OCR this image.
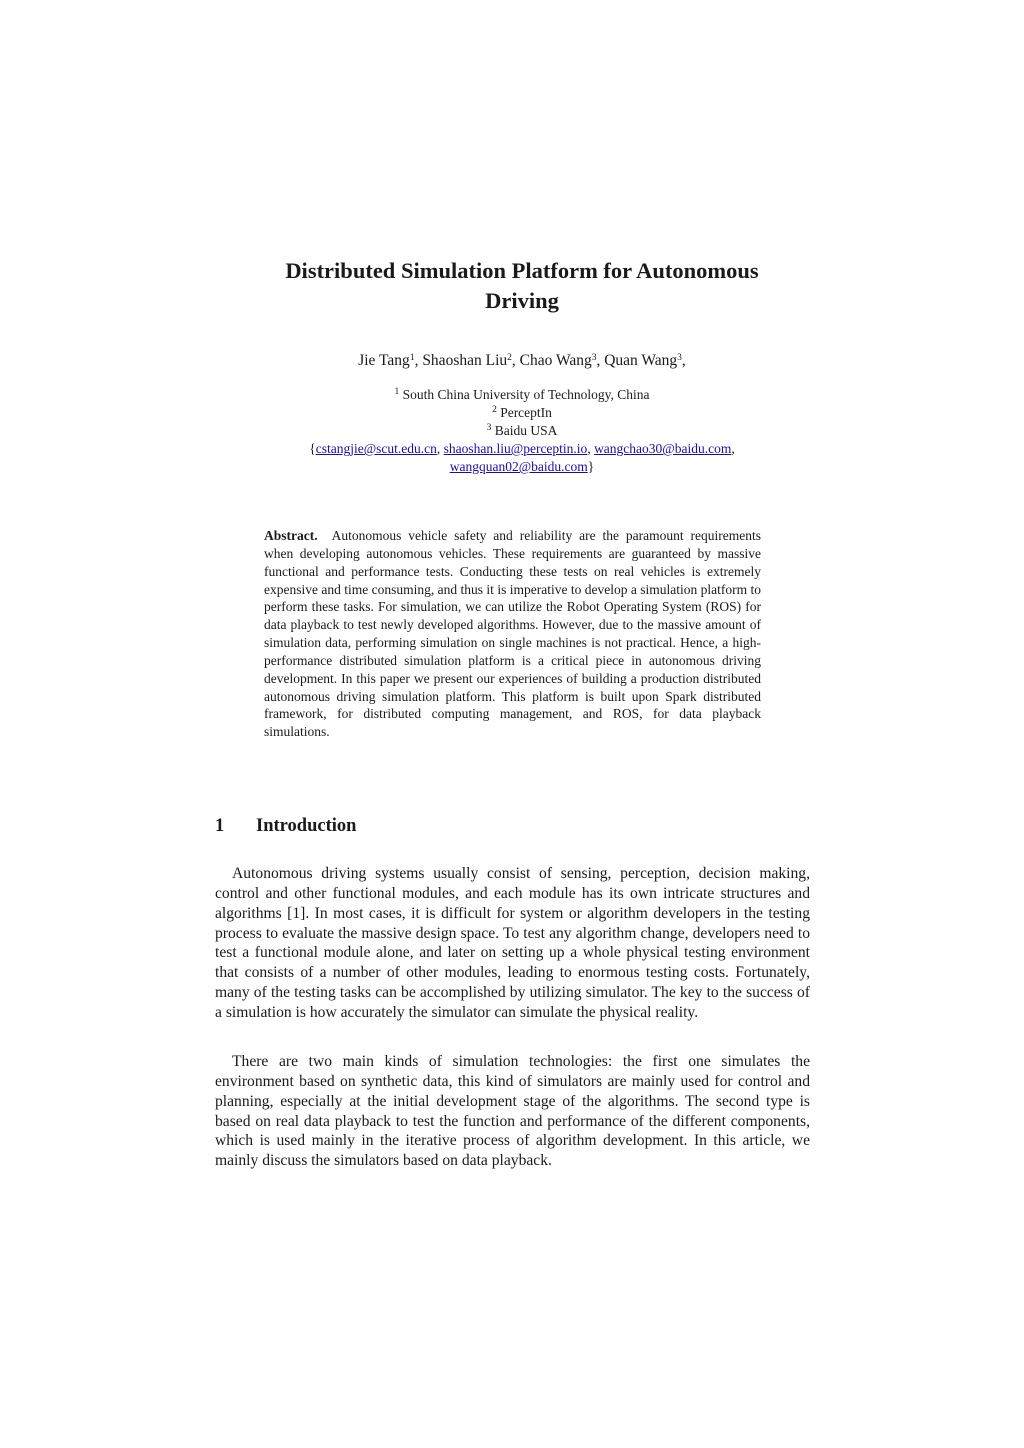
Distributed Simulation Platform for Autonomous Driving
Jie Tang$^1$, Shaoshan Liu$^2$, Chao Wang$^3$, Quan Wang$^3$,
$^1$ South China University of Technology, China
$^2$ PerceptIn
$^3$ Baidu USA
{cstangjie@scut.edu.cn, shaoshan.liu@perceptin.io, wangchao30@baidu.com,
wangquan02@baidu.com}

Abstract. Autonomous vehicle safety and reliability are the paramount requirements when developing autonomous vehicles. These requirements are guaranteed by massive functional and performance tests. Conducting these tests on real vehicles is extremely expensive and time consuming, and thus it is imperative to develop a simulation platform to perform these tasks. For simulation, we can utilize the Robot Operating System (ROS) for data playback to test newly developed algorithms. However, due to the massive amount of simulation data, performing simulation on single machines is not practical. Hence, a high-performance distributed simulation platform is a critical piece in autonomous driving development. In this paper we present our experiences of building a production distributed autonomous driving simulation platform. This platform is built upon Spark distributed framework, for distributed computing management, and ROS, for data playback simulations.

1 Introduction

Autonomous driving systems usually consist of sensing, perception, decision making, control and other functional modules, and each module has its own intricate structures and algorithms [1]. In most cases, it is difficult for system or algorithm developers in the testing process to evaluate the massive design space. To test any algorithm change, developers need to test a functional module alone, and later on setting up a whole physical testing environment that consists of a number of other modules, leading to enormous testing costs. Fortunately, many of the testing tasks can be accomplished by utilizing simulator. The key to the success of a simulation is how accurately the simulator can simulate the physical reality.

There are two main kinds of simulation technologies: the first one simulates the environment based on synthetic data, this kind of simulators are mainly used for control and planning, especially at the initial development stage of the algorithms. The second type is based on real data playback to test the function and performance of the different components, which is used mainly in the iterative process of algorithm development. In this article, we mainly discuss the simulators based on data playback.
